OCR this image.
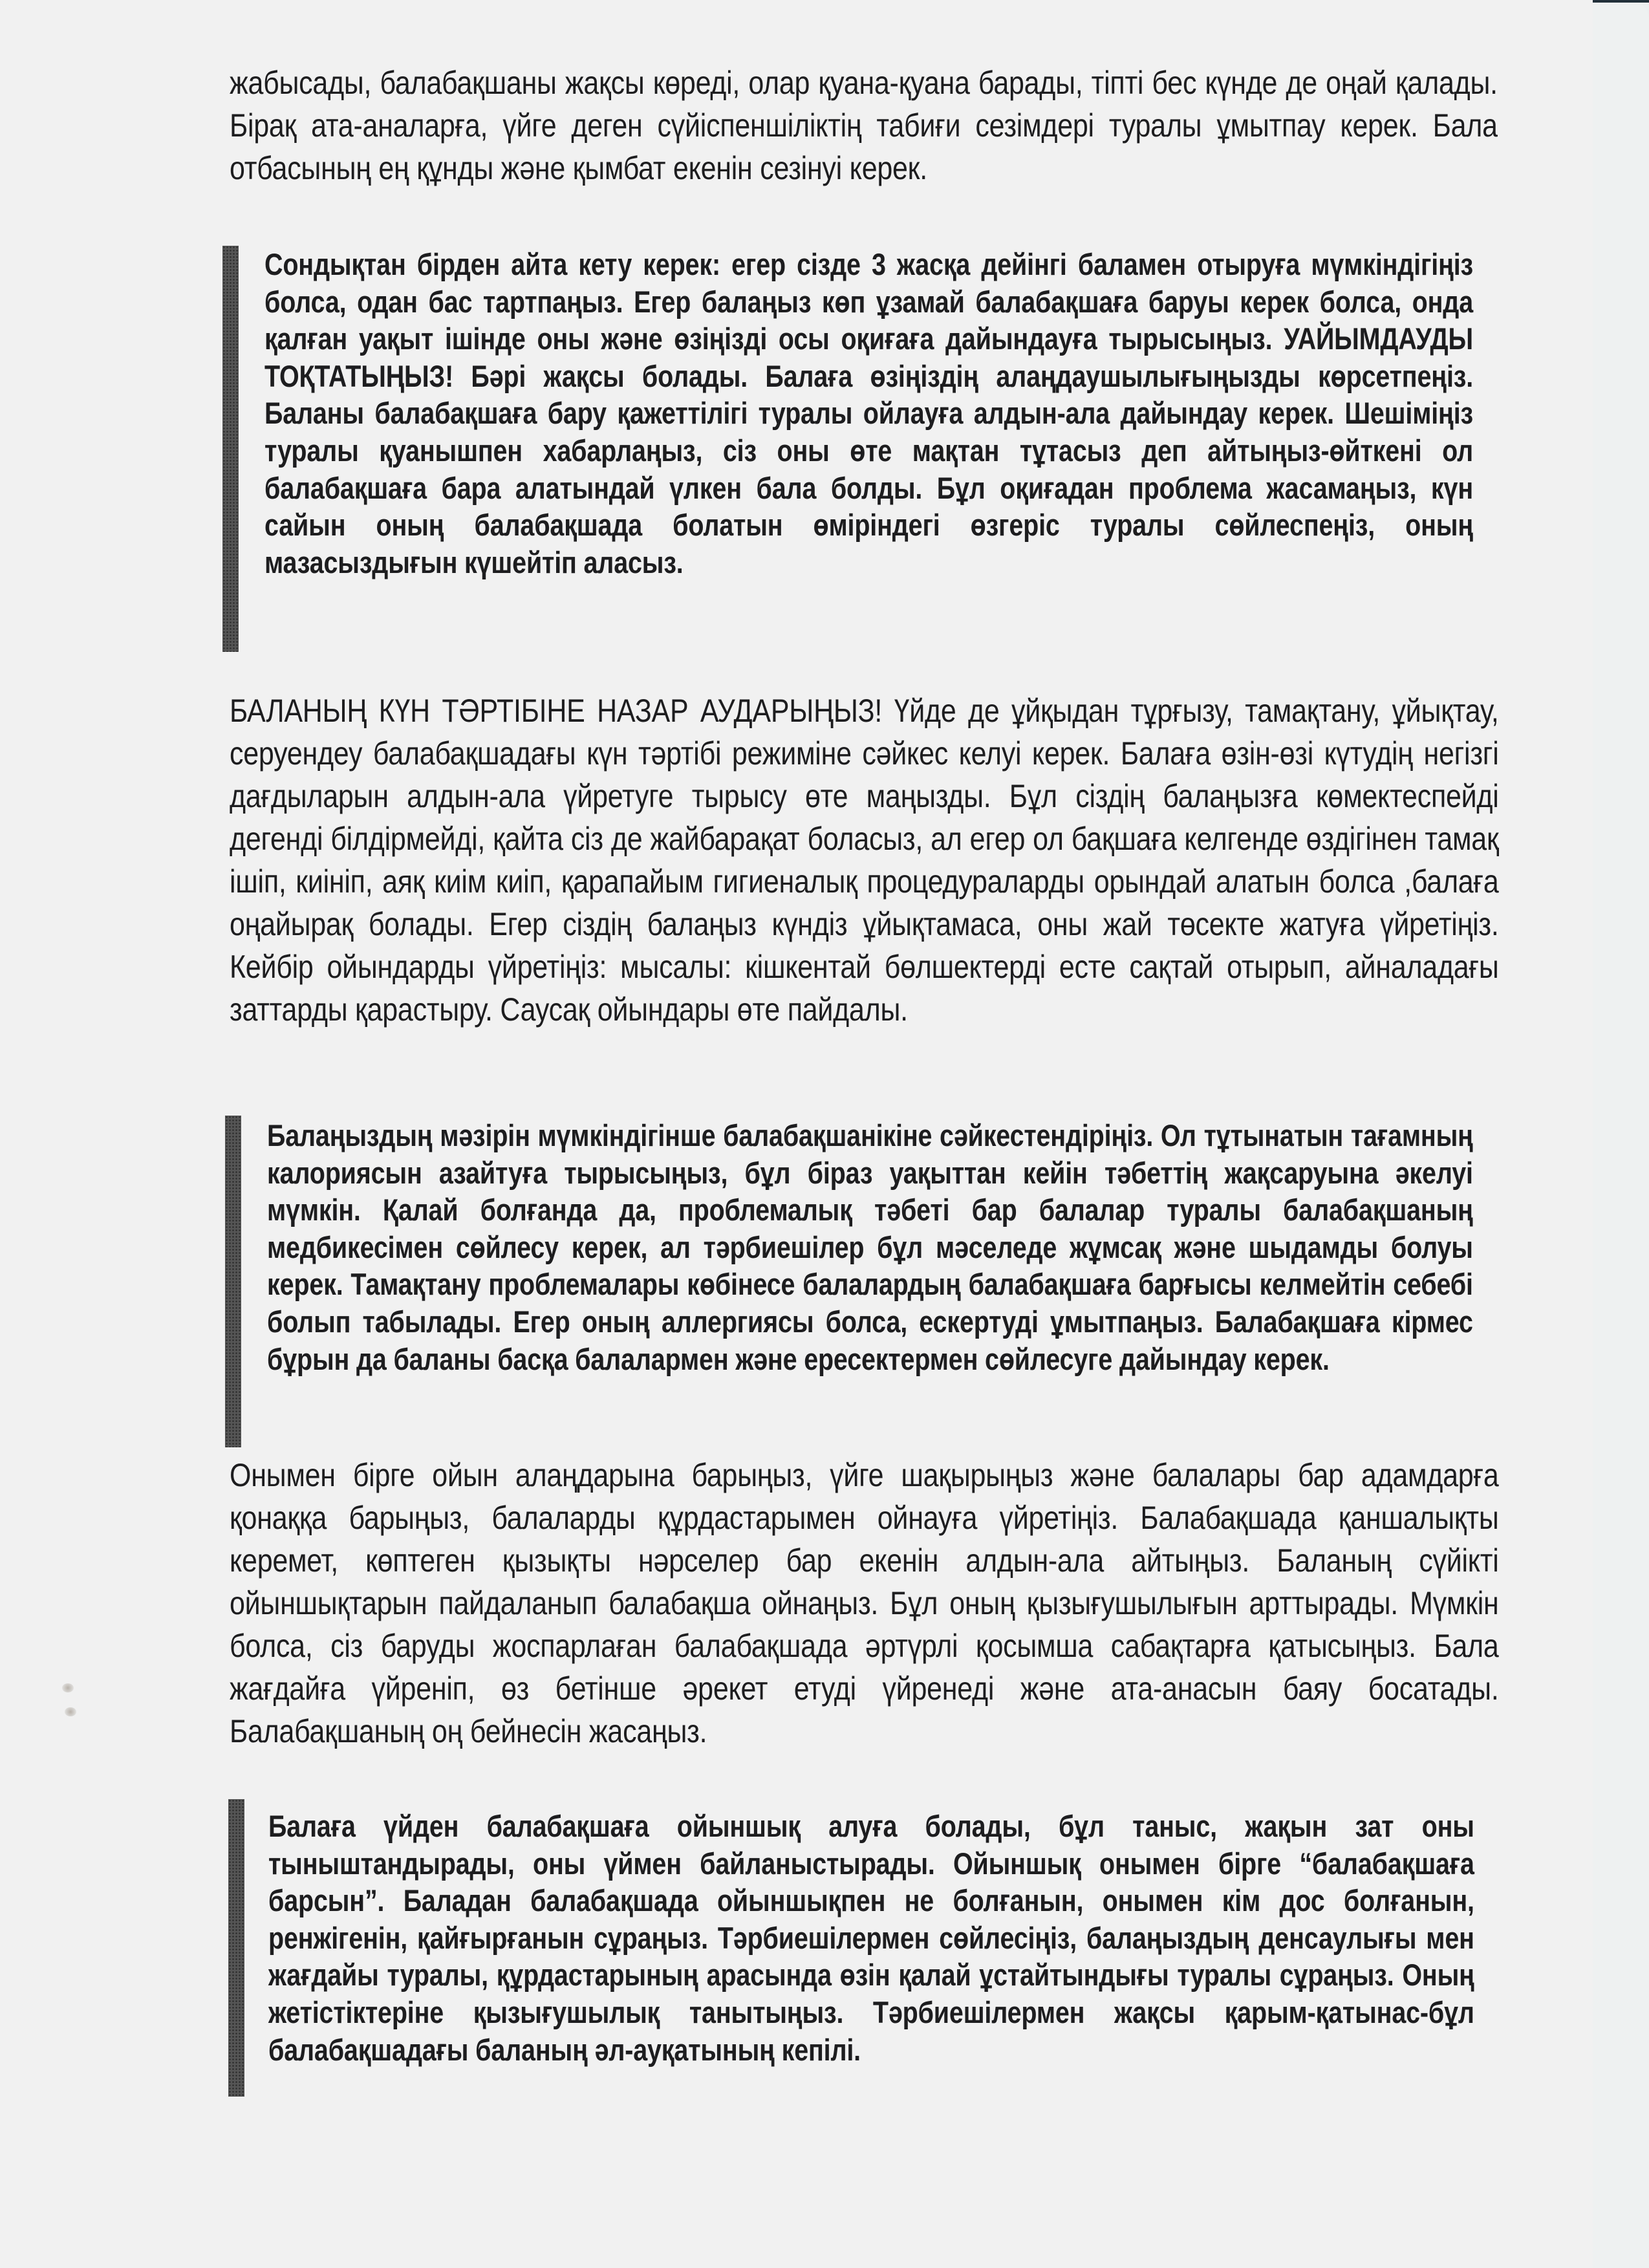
жабысады, балабақшаны жақсы көреді, олар қуана-қуана барады, тіпті бес күнде де оңай қалады. Бірақ ата-аналарға, үйге деген сүйіспеншіліктің табиғи сезімдері туралы ұмытпау керек. Бала отбасының ең құнды және қымбат екенін сезінуі керек.

Сондықтан бірден айта кету керек: егер сізде 3 жасқа дейінгі баламен отыруға мүмкіндігіңіз болса, одан бас тартпаңыз. Егер балаңыз көп ұзамай балабақшаға баруы керек болса, онда қалған уақыт ішінде оны және өзіңізді осы оқиғаға дайындауға тырысыңыз. УАЙЫМДАУДЫ ТОҚТАТЫҢЫЗ! Бәрі жақсы болады. Балаға өзіңіздің алаңдаушылығыңызды көрсетпеңіз. Баланы балабақшаға бару қажеттілігі туралы ойлауға алдын-ала дайындау керек. Шешіміңіз туралы қуанышпен хабарлаңыз, сіз оны өте мақтан тұтасыз деп айтыңыз-өйткені ол балабақшаға бара алатындай үлкен бала болды. Бұл оқиғадан проблема жасамаңыз, күн сайын оның балабақшада болатын өміріндегі өзгеріс туралы сөйлеспеңіз, оның мазасыздығын күшейтіп аласыз.

БАЛАНЫҢ КҮН ТӘРТІБІНЕ НАЗАР АУДАРЫҢЫЗ! Үйде де ұйқыдан тұрғызу, тамақтану, ұйықтау, серуендеу балабақшадағы күн тәртібі режиміне сәйкес келуі керек. Балаға өзін-өзі күтудің негізгі дағдыларын алдын-ала үйретуге тырысу өте маңызды. Бұл сіздің балаңызға көмектеспейді дегенді білдірмейді, қайта сіз де жайбарақат боласыз, ал егер ол бақшаға келгенде өздігінен тамақ ішіп, киініп, аяқ киім киіп, қарапайым гигиеналық процедураларды орындай алатын болса ,балаға оңайырақ болады. Егер сіздің балаңыз күндіз ұйықтамаса, оны жай төсекте жатуға үйретіңіз. Кейбір ойындарды үйретіңіз: мысалы: кішкентай бөлшектерді есте сақтай отырып, айналадағы заттарды қарастыру. Саусақ ойындары өте пайдалы.

Балаңыздың мәзірін мүмкіндігінше балабақшанікіне сәйкестендіріңіз. Ол тұтынатын тағамның калориясын азайтуға тырысыңыз, бұл біраз уақыттан кейін тәбеттің жақсаруына әкелуі мүмкін. Қалай болғанда да, проблемалық тәбеті бар балалар туралы балабақшаның медбикесімен сөйлесу керек, ал тәрбиешілер бұл мәселеде жұмсақ және шыдамды болуы керек. Тамақтану проблемалары көбінесе балалардың балабақшаға барғысы келмейтін себебі болып табылады. Егер оның аллергиясы болса, ескертуді ұмытпаңыз. Балабақшаға кірмес бұрын да баланы басқа балалармен және ересектермен сөйлесуге дайындау керек.

Онымен бірге ойын алаңдарына барыңыз, үйге шақырыңыз және балалары бар адамдарға қонаққа барыңыз, балаларды құрдастарымен ойнауға үйретіңіз. Балабақшада қаншалықты керемет, көптеген қызықты нәрселер бар екенін алдын-ала айтыңыз. Баланың сүйікті ойыншықтарын пайдаланып балабақша ойнаңыз. Бұл оның қызығушылығын арттырады. Мүмкін болса, сіз баруды жоспарлаған балабақшада әртүрлі қосымша сабақтарға қатысыңыз. Бала жағдайға үйреніп, өз бетінше әрекет етуді үйренеді және ата-анасын баяу босатады. Балабақшаның оң бейнесін жасаңыз.

Балаға үйден балабақшаға ойыншық алуға болады, бұл таныс, жақын зат оны тыныштандырады, оны үймен байланыстырады. Ойыншық онымен бірге “балабақшаға барсын”. Баладан балабақшада ойыншықпен не болғанын, онымен кім дос болғанын, ренжігенін, қайғырғанын сұраңыз. Тәрбиешілермен сөйлесіңіз, балаңыздың денсаулығы мен жағдайы туралы, құрдастарының арасында өзін қалай ұстайтындығы туралы сұраңыз. Оның жетістіктеріне қызығушылық танытыңыз. Тәрбиешілермен жақсы қарым-қатынас-бұл балабақшадағы баланың әл-ауқатының кепілі.
